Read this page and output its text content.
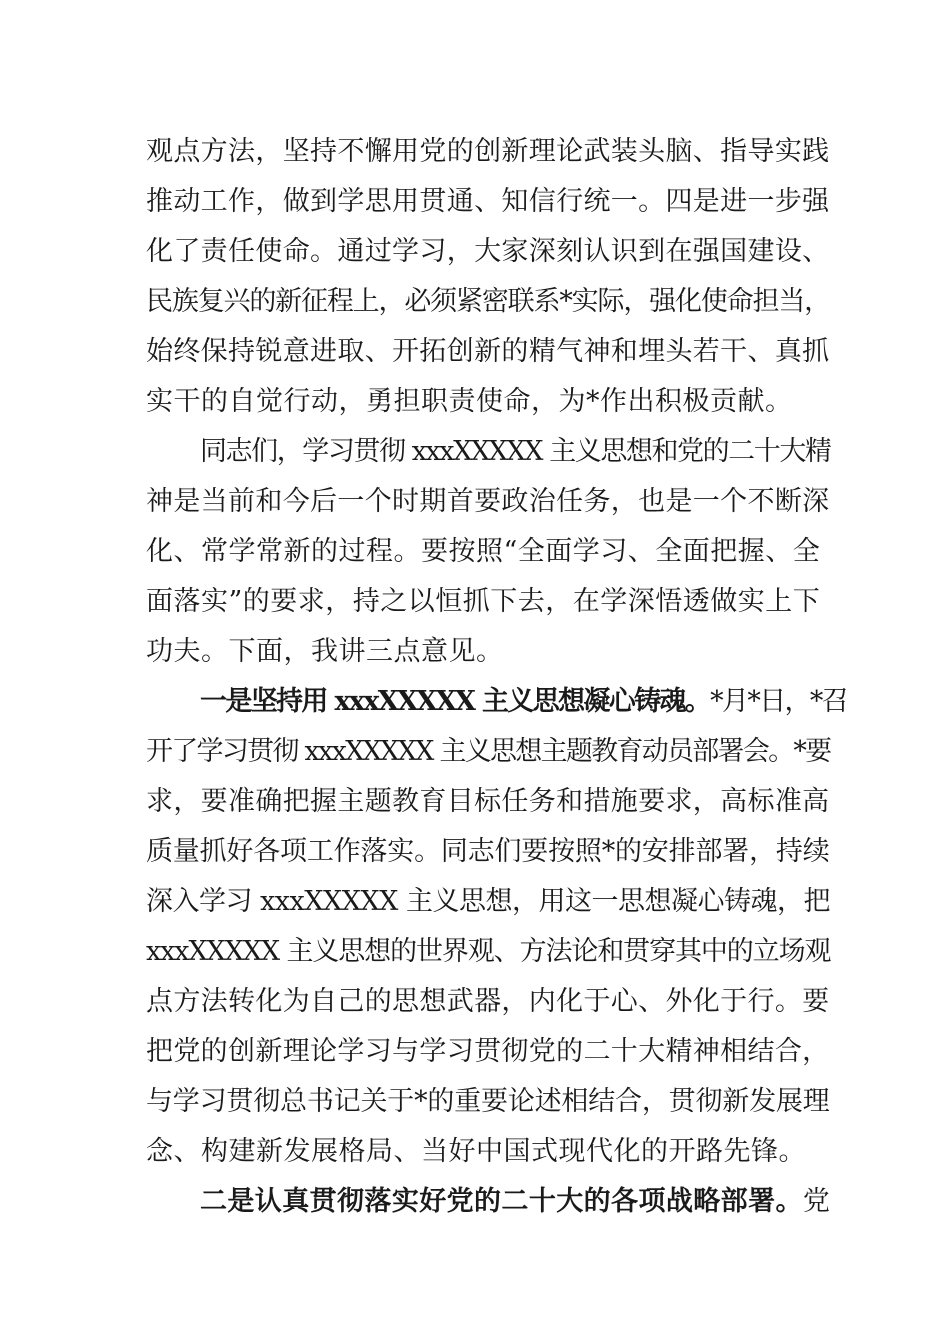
观点方法，坚持不懈用党的创新理论武装头脑、指导实践
推动工作，做到学思用贯通、知信行统一。四是进一步强
化了责任使命。通过学习，大家深刻认识到在强国建设、
民族复兴的新征程上，必须紧密联系*实际，强化使命担当，
始终保持锐意进取、开拓创新的精气神和埋头若干、真抓
实干的自觉行动，勇担职责使命，为*作出积极贡献。
同志们，学习贯彻 xxxXXXXX 主义思想和党的二十大精
神是当前和今后一个时期首要政治任务，也是一个不断深
化、常学常新的过程。要按照“全面学习、全面把握、全
面落实”的要求，持之以恒抓下去，在学深悟透做实上下
功夫。下面，我讲三点意见。
一是坚持用 xxxXXXXX 主义思想凝心铸魂。*月*日，*召
开了学习贯彻 xxxXXXXX 主义思想主题教育动员部署会。*要
求，要准确把握主题教育目标任务和措施要求，高标准高
质量抓好各项工作落实。同志们要按照*的安排部署，持续
深入学习 xxxXXXXX 主义思想，用这一思想凝心铸魂，把
xxxXXXXX 主义思想的世界观、方法论和贯穿其中的立场观
点方法转化为自己的思想武器，内化于心、外化于行。要
把党的创新理论学习与学习贯彻党的二十大精神相结合，
与学习贯彻总书记关于*的重要论述相结合，贯彻新发展理
念、构建新发展格局、当好中国式现代化的开路先锋。
二是认真贯彻落实好党的二十大的各项战略部署。党
